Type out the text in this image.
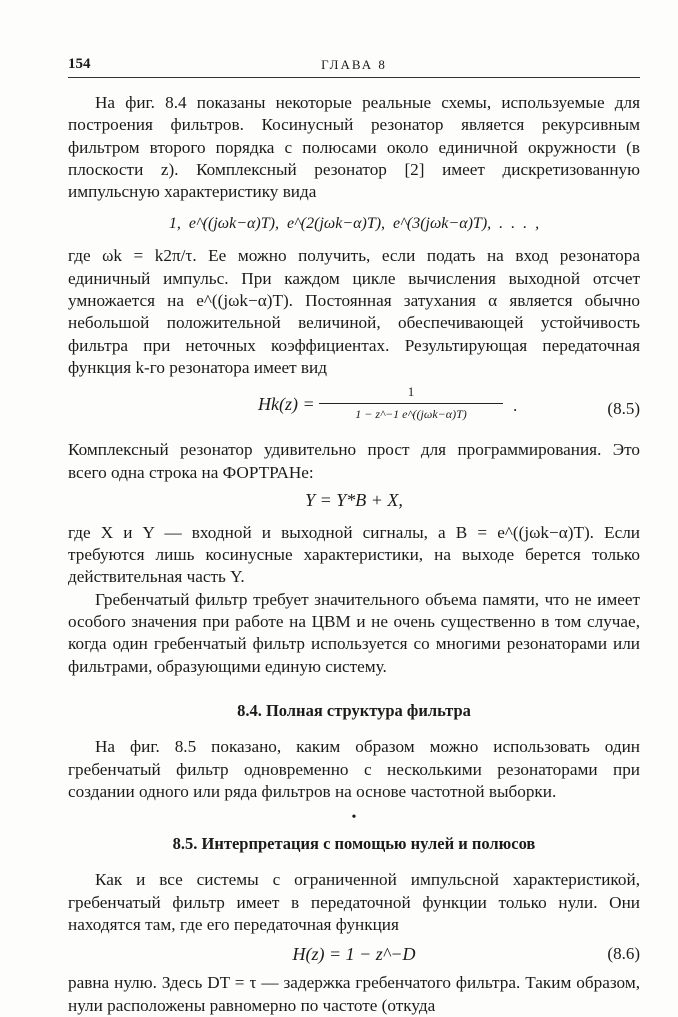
154	ГЛАВА 8

На фиг. 8.4 показаны некоторые реальные схемы, используемые для построения фильтров. Косинусный резонатор является рекурсивным фильтром второго порядка с полюсами около единичной окружности (в плоскости z). Комплексный резонатор [2] имеет дискретизованную импульсную характеристику вида

1, e^((jωk−α)T), e^(2(jωk−α)T), e^(3(jωk−α)T), . . . ,

где ωk = k2π/τ. Ее можно получить, если подать на вход резонатора единичный импульс. При каждом цикле вычисления выходной отсчет умножается на e^((jωk−α)T). Постоянная затухания α является обычно небольшой положительной величиной, обеспечивающей устойчивость фильтра при неточных коэффициентах. Результирующая передаточная функция k-го резонатора имеет вид

Hk(z) =
1
1 − z^−1 e^((jωk−α)T)	.	(8.5)

Комплексный резонатор удивительно прост для программирования. Это всего одна строка на ФОРТРАНе:

Y = Y*B + X,

где X и Y — входной и выходной сигналы, а B = e^((jωk−α)T). Если требуются лишь косинусные характеристики, на выходе берется только действительная часть Y.

Гребенчатый фильтр требует значительного объема памяти, что не имеет особого значения при работе на ЦВМ и не очень существенно в том случае, когда один гребенчатый фильтр используется со многими резонаторами или фильтрами, образующими единую систему.

8.4. Полная структура фильтра

На фиг. 8.5 показано, каким образом можно использовать один гребенчатый фильтр одновременно с несколькими резонаторами при создании одного или ряда фильтров на основе частотной выборки.

•
8.5. Интерпретация с помощью нулей и полюсов

Как и все системы с ограниченной импульсной характеристикой, гребенчатый фильтр имеет в передаточной функции только нули. Они находятся там, где его передаточная функция

H(z) = 1 − z^−D	(8.6)

равна нулю. Здесь DT = τ — задержка гребенчатого фильтра. Таким образом, нули расположены равномерно по частоте (откуда
